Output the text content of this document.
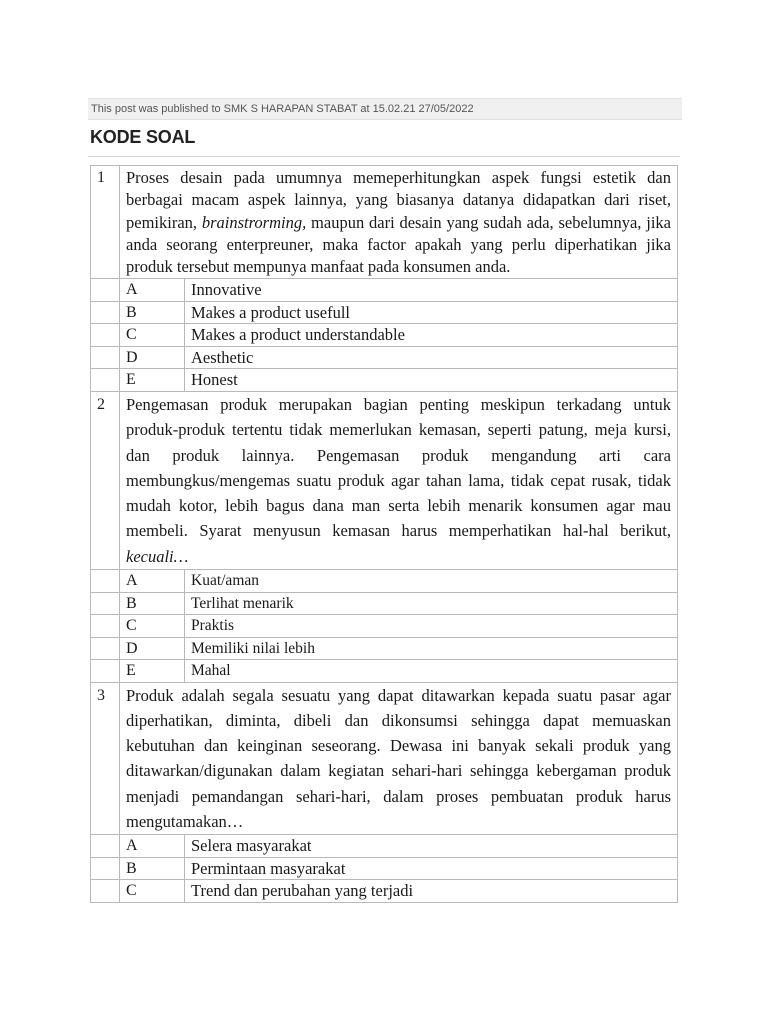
This post was published to SMK S HARAPAN STABAT at 15.02.21 27/05/2022
KODE SOAL
1	Proses desain pada umumnya memeperhitungkan aspek fungsi estetik dan berbagai macam aspek lainnya, yang biasanya datanya didapatkan dari riset, pemikiran, brainstrorming, maupun dari desain yang sudah ada, sebelumnya, jika anda seorang enterpreuner, maka factor apakah yang perlu diperhatikan jika produk tersebut mempunya manfaat pada konsumen anda.	
	A	Innovative
	B	Makes a product usefull
	C	Makes a product understandable
	D	Aesthetic
	E	Honest
2	Pengemasan produk merupakan bagian penting meskipun terkadang untuk produk-produk tertentu tidak memerlukan kemasan, seperti patung, meja kursi, dan produk lainnya. Pengemasan produk mengandung arti cara membungkus/mengemas suatu produk agar tahan lama, tidak cepat rusak, tidak mudah kotor, lebih bagus dana man serta lebih menarik konsumen agar mau membeli. Syarat menyusun kemasan harus memperhatikan hal-hal berikut, kecuali…	
	A	Kuat/aman
	B	Terlihat menarik
	C	Praktis
	D	Memiliki nilai lebih
	E	Mahal
3	Produk adalah segala sesuatu yang dapat ditawarkan kepada suatu pasar agar diperhatikan, diminta, dibeli dan dikonsumsi sehingga dapat memuaskan kebutuhan dan keinginan seseorang. Dewasa ini banyak sekali produk yang ditawarkan/digunakan dalam kegiatan sehari-hari sehingga kebergaman produk menjadi pemandangan sehari-hari, dalam proses pembuatan produk harus mengutamakan…	
	A	Selera masyarakat
	B	Permintaan masyarakat
	C	Trend dan perubahan yang terjadi
